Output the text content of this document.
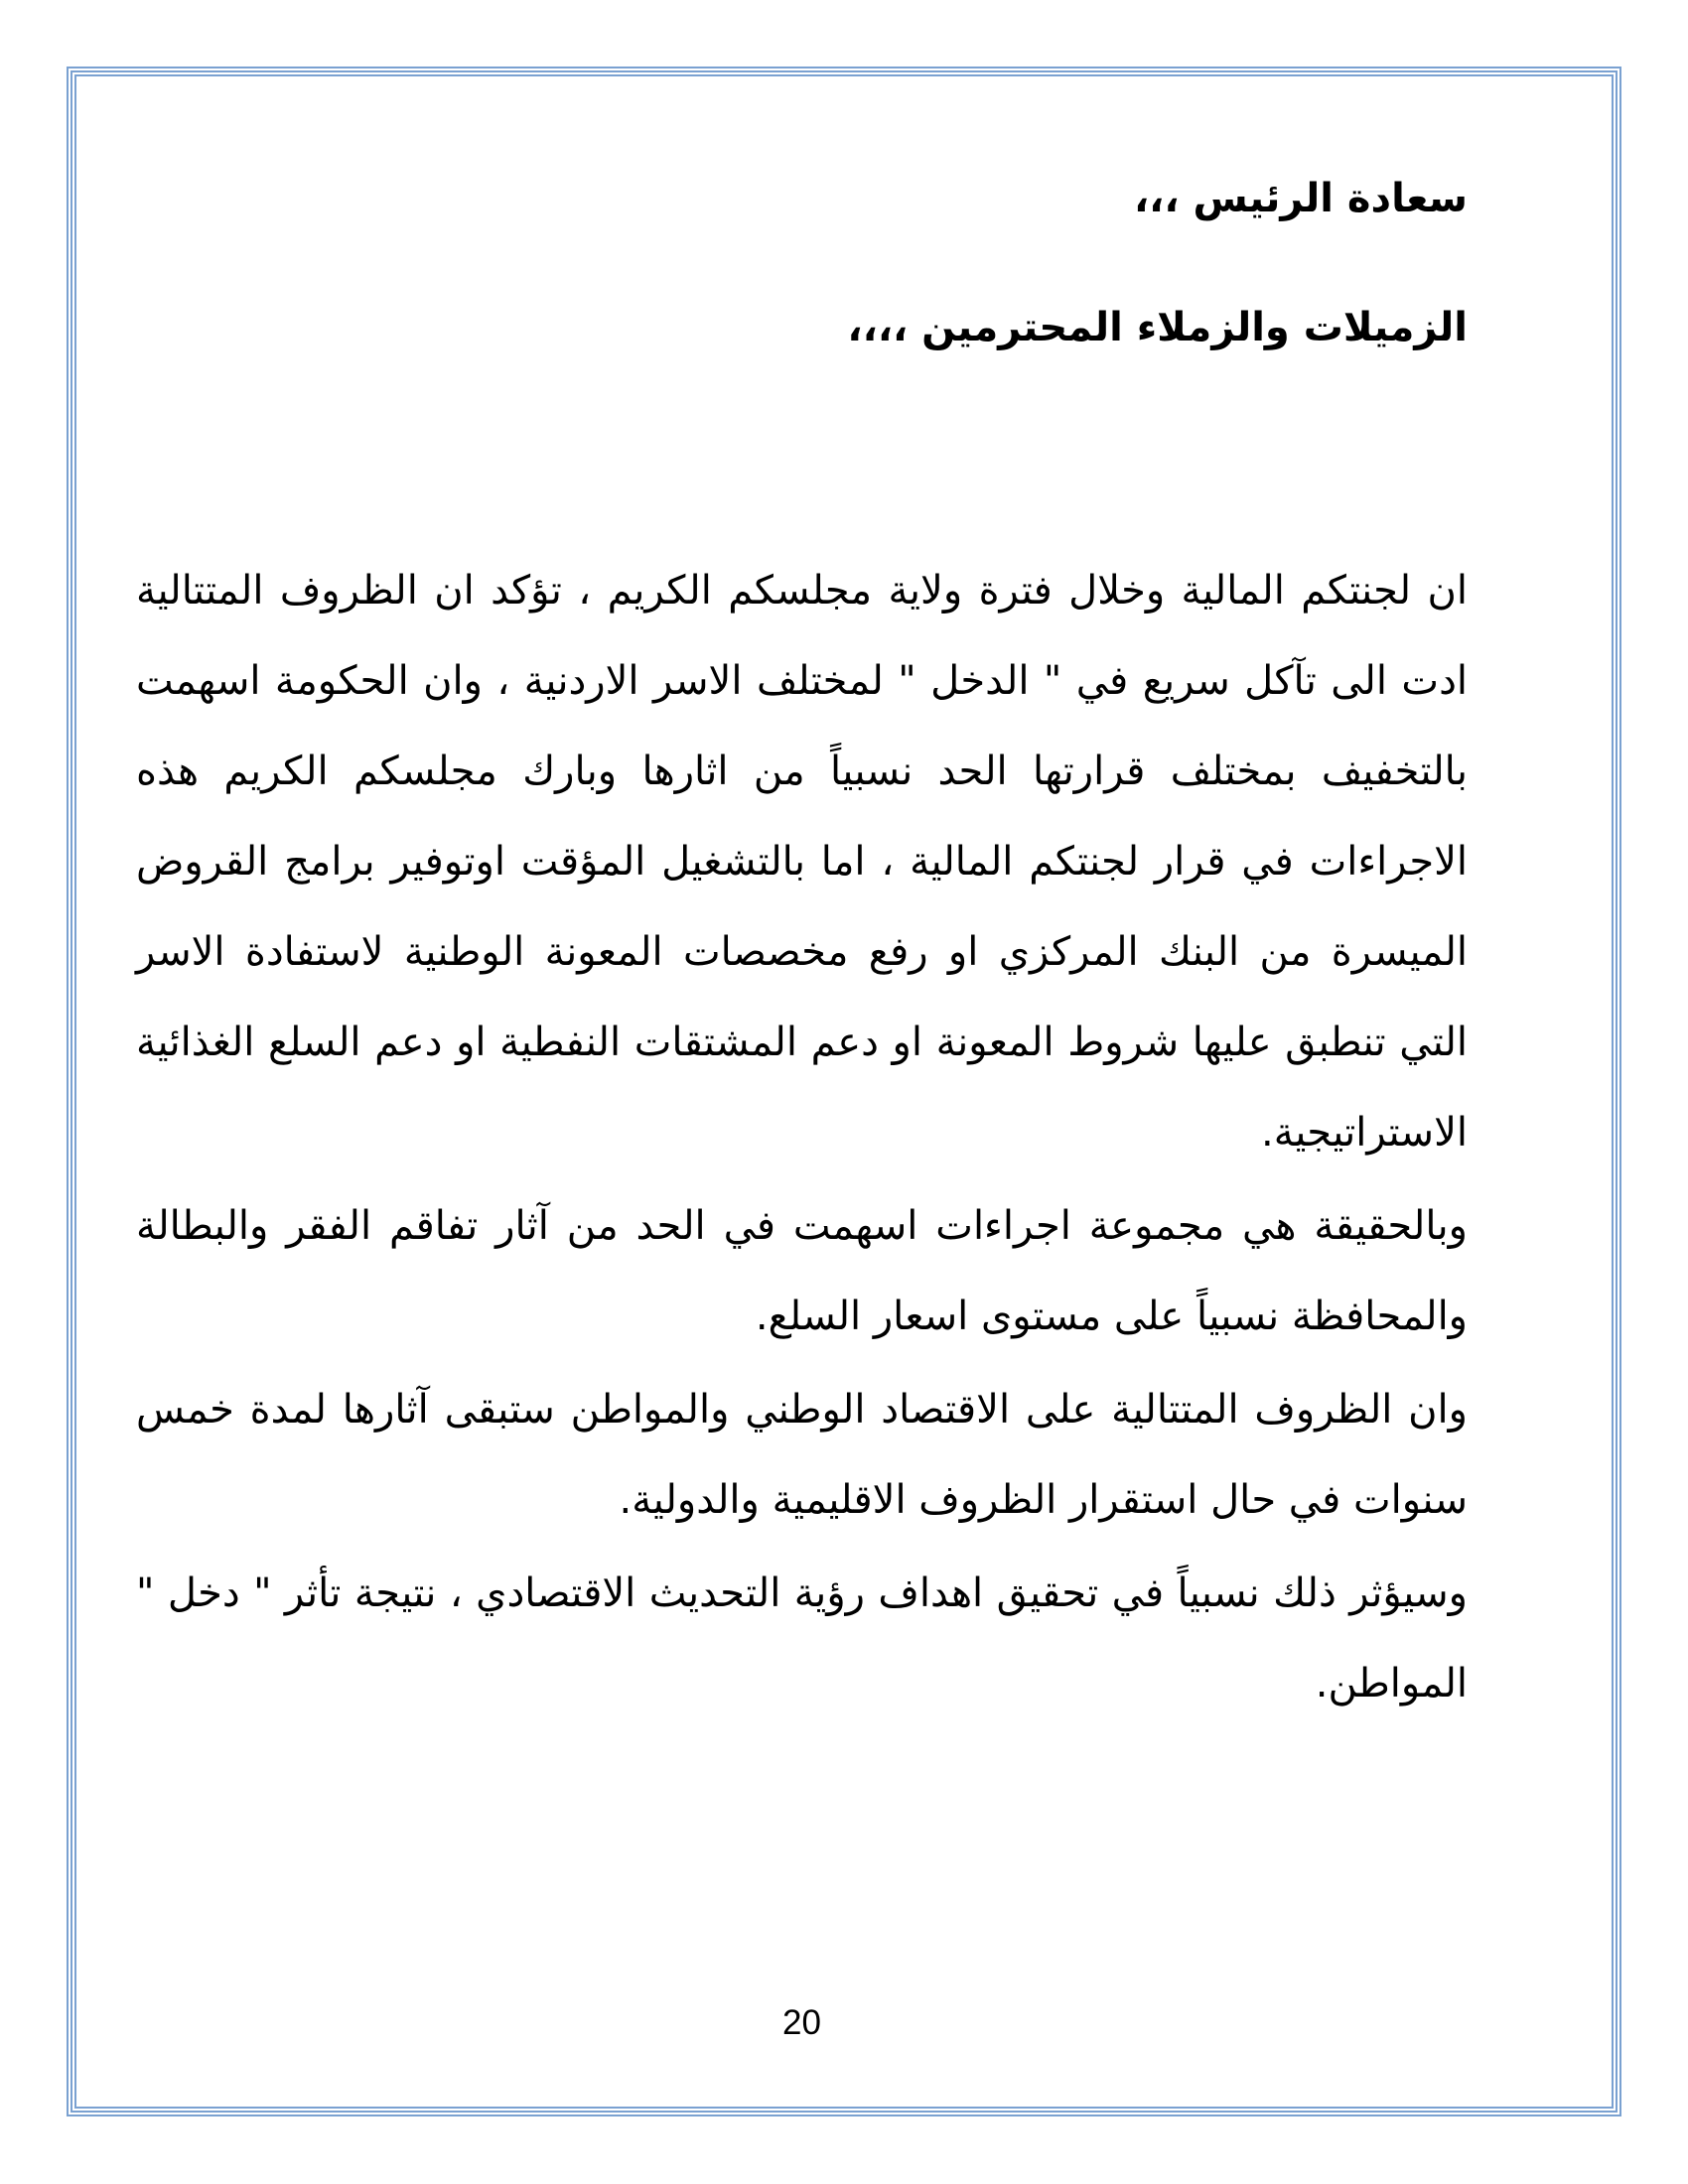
سعادة الرئيس ،،،
الزميلات والزملاء المحترمين ،،،،

ان لجنتكم المالية وخلال فترة ولاية مجلسكم الكريم ، تؤكد ان الظروف المتتالية ادت الى تآكل سريع في " الدخل " لمختلف الاسر الاردنية ، وان الحكومة اسهمت بالتخفيف بمختلف قرارتها الحد نسبياً من اثارها وبارك مجلسكم الكريم هذه الاجراءات في قرار لجنتكم المالية ، اما بالتشغيل المؤقت اوتوفير برامج القروض الميسرة من البنك المركزي او رفع مخصصات المعونة الوطنية لاستفادة الاسر التي تنطبق عليها شروط المعونة او دعم المشتقات النفطية او دعم السلع الغذائية الاستراتيجية.

وبالحقيقة هي مجموعة اجراءات اسهمت في الحد من آثار تفاقم الفقر والبطالة والمحافظة نسبياً على مستوى اسعار السلع.

وان الظروف المتتالية على الاقتصاد الوطني والمواطن ستبقى آثارها لمدة خمس سنوات في حال استقرار الظروف الاقليمية والدولية.

وسيؤثر ذلك نسبياً في تحقيق اهداف رؤية التحديث الاقتصادي ، نتيجة تأثر " دخل " المواطن.

20
